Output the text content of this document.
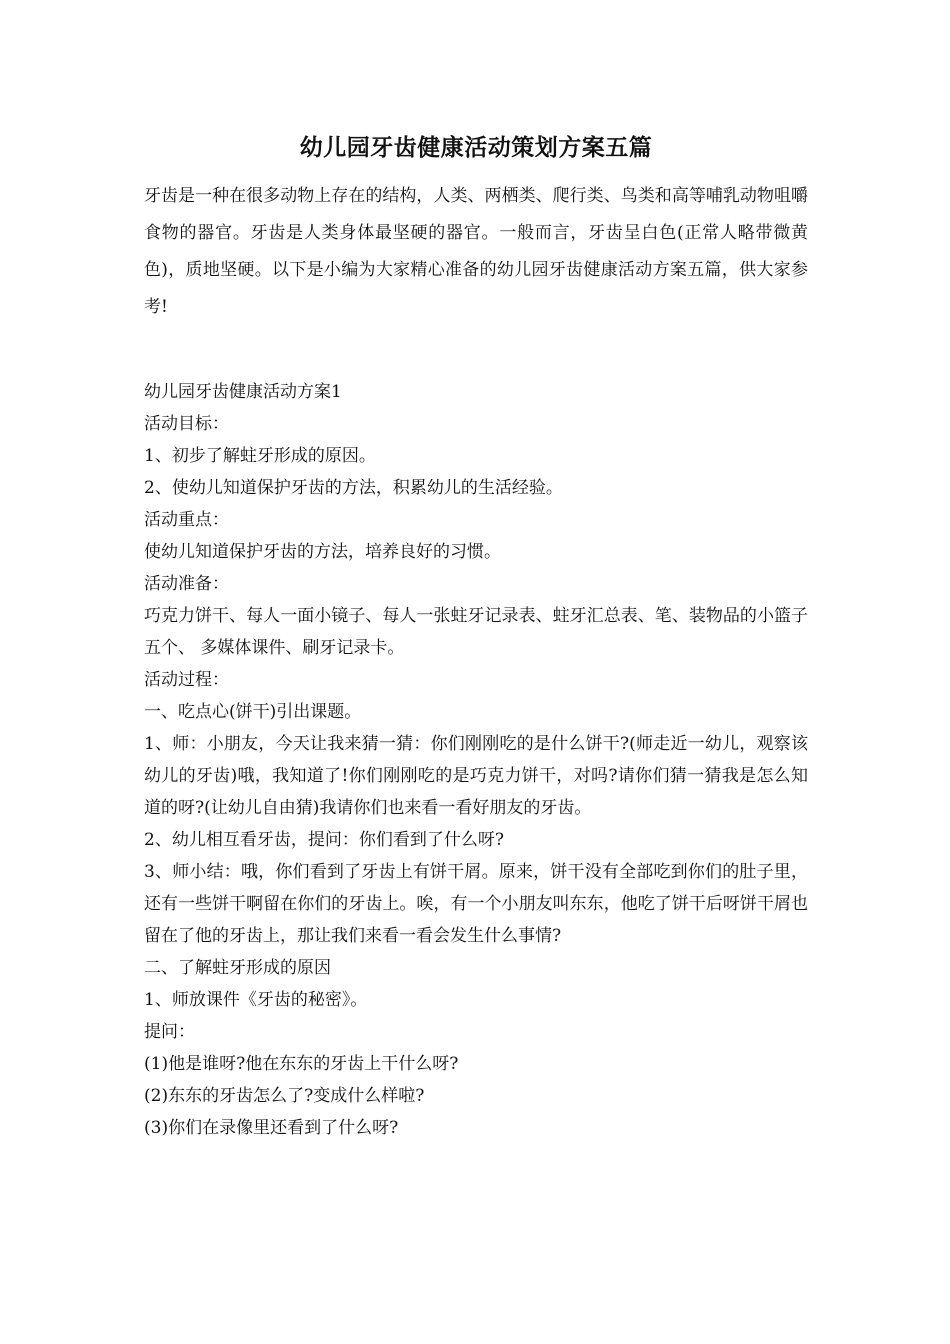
幼儿园牙齿健康活动策划方案五篇

牙齿是一种在很多动物上存在的结构，人类、两栖类、爬行类、鸟类和高等哺乳动物咀嚼食物的器官。牙齿是人类身体最坚硬的器官。一般而言，牙齿呈白色(正常人略带微黄色)，质地坚硬。以下是小编为大家精心准备的幼儿园牙齿健康活动方案五篇，供大家参考!

幼儿园牙齿健康活动方案1

活动目标：

1、初步了解蛀牙形成的原因。

2、使幼儿知道保护牙齿的方法，积累幼儿的生活经验。

活动重点：

使幼儿知道保护牙齿的方法，培养良好的习惯。

活动准备：

巧克力饼干、每人一面小镜子、每人一张蛀牙记录表、蛀牙汇总表、笔、装物品的小篮子五个、 多媒体课件、刷牙记录卡。

活动过程：

一、吃点心(饼干)引出课题。

1、师：小朋友，今天让我来猜一猜：你们刚刚吃的是什么饼干?(师走近一幼儿，观察该幼儿的牙齿)哦，我知道了!你们刚刚吃的是巧克力饼干，对吗?请你们猜一猜我是怎么知道的呀?(让幼儿自由猜)我请你们也来看一看好朋友的牙齿。

2、幼儿相互看牙齿，提问：你们看到了什么呀?

3、师小结：哦，你们看到了牙齿上有饼干屑。原来，饼干没有全部吃到你们的肚子里，还有一些饼干啊留在你们的牙齿上。唉，有一个小朋友叫东东，他吃了饼干后呀饼干屑也留在了他的牙齿上，那让我们来看一看会发生什么事情?

二、了解蛀牙形成的原因

1、师放课件《牙齿的秘密》。

提问：

(1)他是谁呀?他在东东的牙齿上干什么呀?

(2)东东的牙齿怎么了?变成什么样啦?

(3)你们在录像里还看到了什么呀?
